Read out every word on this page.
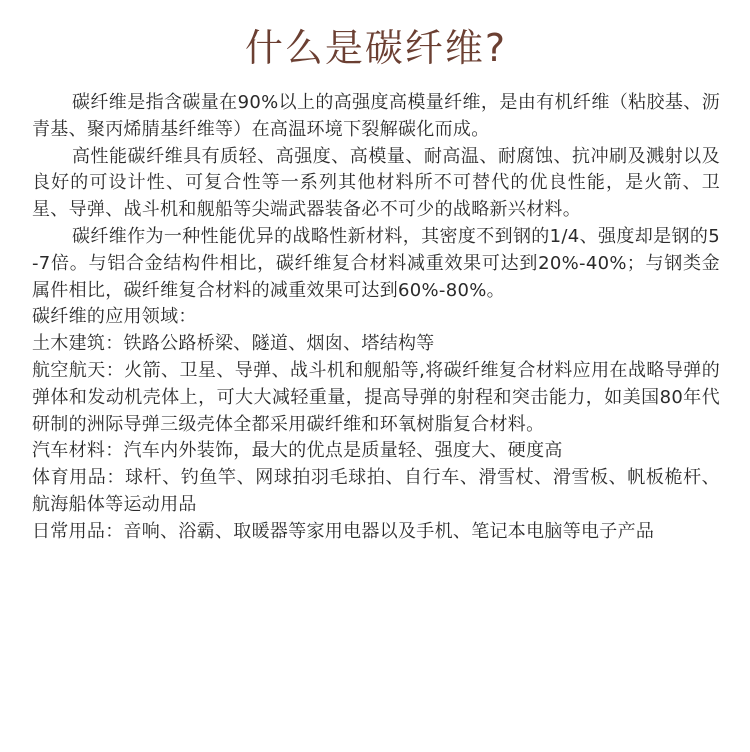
什么是碳纤维?

碳纤维是指含碳量在90%以上的高强度高模量纤维，是由有机纤维（粘胶基、沥青基、聚丙烯腈基纤维等）在高温环境下裂解碳化而成。

高性能碳纤维具有质轻、高强度、高模量、耐高温、耐腐蚀、抗冲刷及溅射以及良好的可设计性、可复合性等一系列其他材料所不可替代的优良性能，是火箭、卫星、导弹、战斗机和舰船等尖端武器装备必不可少的战略新兴材料。

碳纤维作为一种性能优异的战略性新材料，其密度不到钢的1/4、强度却是钢的5-7倍。与铝合金结构件相比，碳纤维复合材料减重效果可达到20%-40%；与钢类金属件相比，碳纤维复合材料的减重效果可达到60%-80%。

碳纤维的应用领域：

土木建筑：铁路公路桥梁、隧道、烟囱、塔结构等

航空航天：火箭、卫星、导弹、战斗机和舰船等,将碳纤维复合材料应用在战略导弹的弹体和发动机壳体上，可大大减轻重量，提高导弹的射程和突击能力，如美国80年代研制的洲际导弹三级壳体全都采用碳纤维和环氧树脂复合材料。

汽车材料：汽车内外装饰，最大的优点是质量轻、强度大、硬度高

体育用品：球杆、钓鱼竿、网球拍羽毛球拍、自行车、滑雪杖、滑雪板、帆板桅杆、航海船体等运动用品

日常用品：音响、浴霸、取暖器等家用电器以及手机、笔记本电脑等电子产品
